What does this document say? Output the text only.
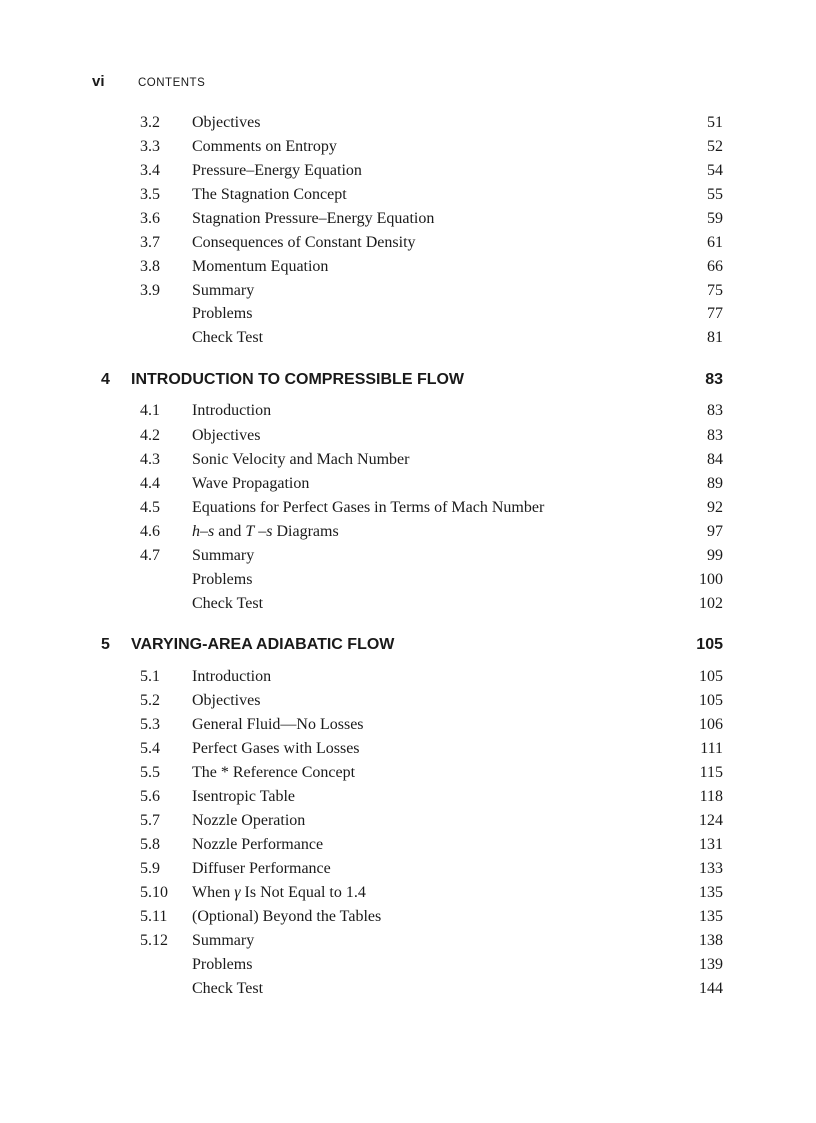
vi	CONTENTS
3.2 Objectives	51
3.3 Comments on Entropy	52
3.4 Pressure–Energy Equation	54
3.5 The Stagnation Concept	55
3.6 Stagnation Pressure–Energy Equation	59
3.7 Consequences of Constant Density	61
3.8 Momentum Equation	66
3.9 Summary	75
Problems	77
Check Test	81
4 INTRODUCTION TO COMPRESSIBLE FLOW	83
4.1 Introduction	83
4.2 Objectives	83
4.3 Sonic Velocity and Mach Number	84
4.4 Wave Propagation	89
4.5 Equations for Perfect Gases in Terms of Mach Number	92
4.6 h–s and T –s Diagrams	97
4.7 Summary	99
Problems	100
Check Test	102
5 VARYING-AREA ADIABATIC FLOW	105
5.1 Introduction	105
5.2 Objectives	105
5.3 General Fluid—No Losses	106
5.4 Perfect Gases with Losses	111
5.5 The * Reference Concept	115
5.6 Isentropic Table	118
5.7 Nozzle Operation	124
5.8 Nozzle Performance	131
5.9 Diffuser Performance	133
5.10 When γ Is Not Equal to 1.4	135
5.11 (Optional) Beyond the Tables	135
5.12 Summary	138
Problems	139
Check Test	144
